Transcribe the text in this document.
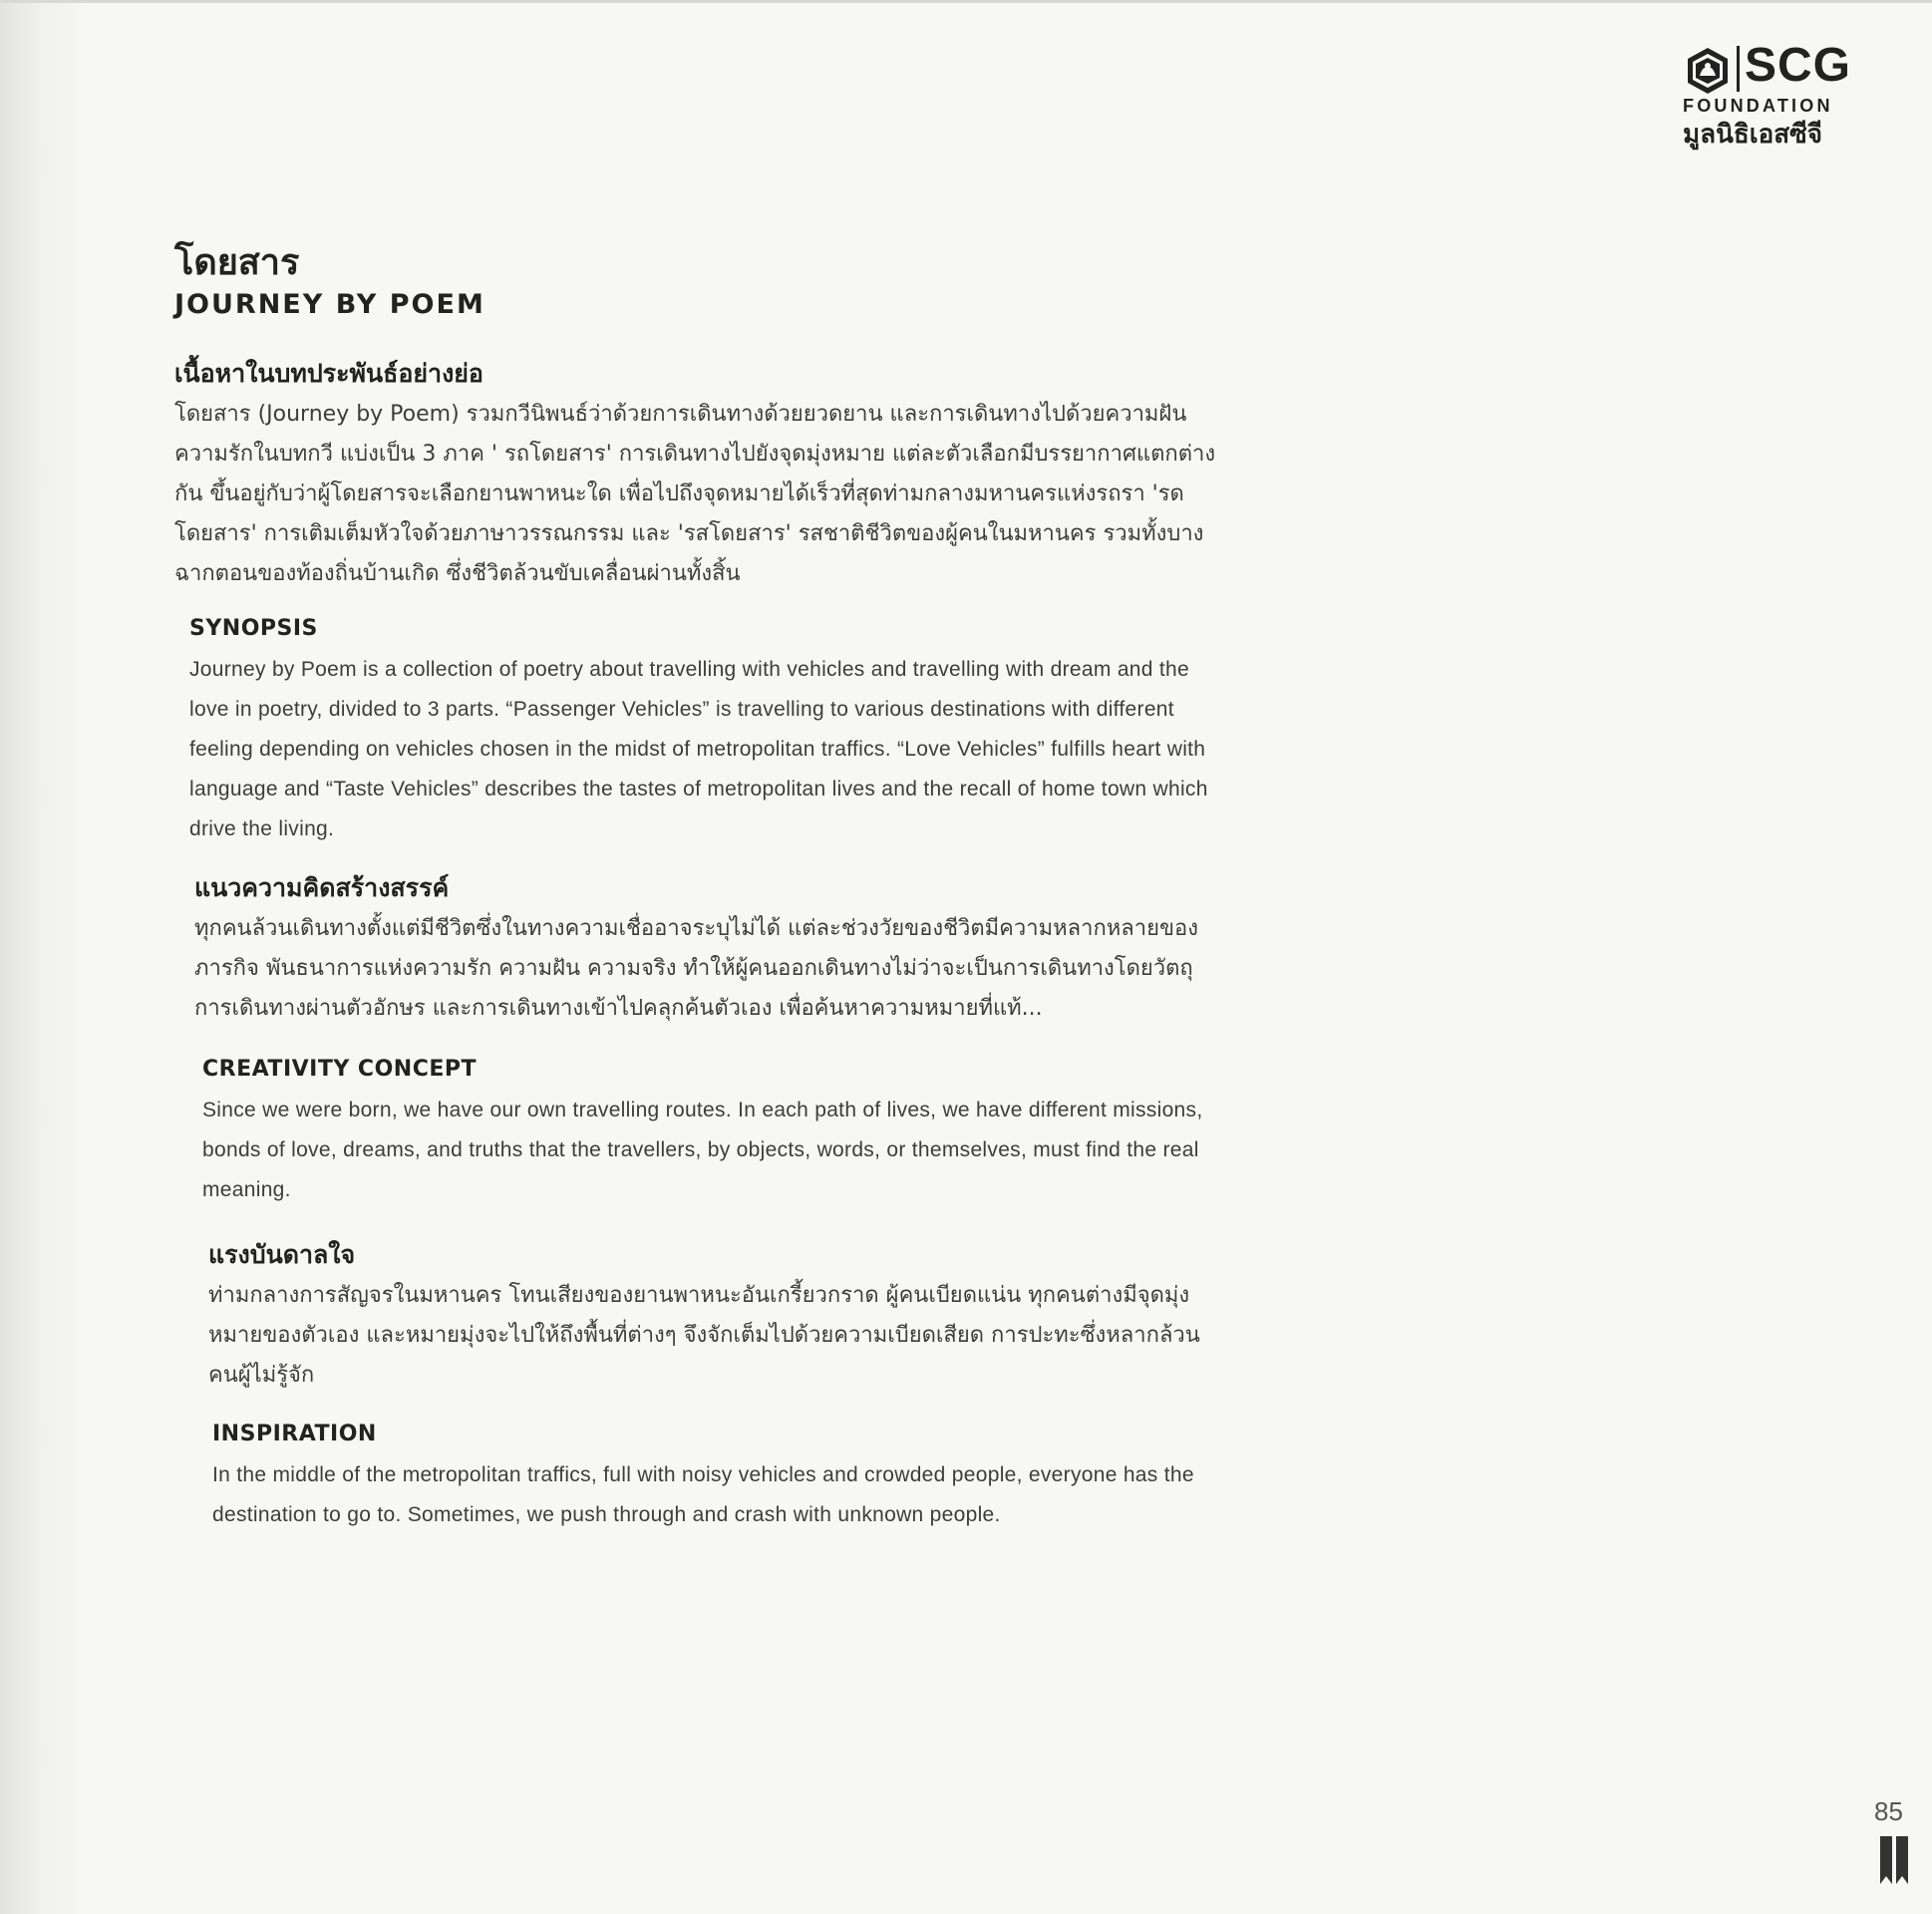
SCG
FOUNDATION
มูลนิธิเอสซีจี
โดยสาร
JOURNEY BY POEM
เนื้อหาในบทประพันธ์อย่างย่อ

โดยสาร (Journey by Poem) รวมกวีนิพนธ์ว่าด้วยการเดินทางด้วยยวดยาน และการเดินทางไปด้วยความฝัน ความรักในบทกวี แบ่งเป็น 3 ภาค ' รถโดยสาร' การเดินทางไปยังจุดมุ่งหมาย แต่ละตัวเลือกมีบรรยากาศแตกต่างกัน ขึ้นอยู่กับว่าผู้โดยสารจะเลือกยานพาหนะใด เพื่อไปถึงจุดหมายได้เร็วที่สุดท่ามกลางมหานครแห่งรถรา 'รดโดยสาร' การเติมเต็มหัวใจด้วยภาษาวรรณกรรม และ 'รสโดยสาร' รสชาติชีวิตของผู้คนในมหานคร รวมทั้งบางฉากตอนของท้องถิ่นบ้านเกิด ซึ่งชีวิตล้วนขับเคลื่อนผ่านทั้งสิ้น

SYNOPSIS

Journey by Poem is a collection of poetry about travelling with vehicles and travelling with dream and the love in poetry, divided to 3 parts. “Passenger Vehicles” is travelling to various destinations with different feeling depending on vehicles chosen in the midst of metropolitan traffics. “Love Vehicles” fulfills heart with language and “Taste Vehicles” describes the tastes of metropolitan lives and the recall of home town which drive the living.

แนวความคิดสร้างสรรค์

ทุกคนล้วนเดินทางตั้งแต่มีชีวิตซึ่งในทางความเชื่ออาจระบุไม่ได้ แต่ละช่วงวัยของชีวิตมีความหลากหลายของภารกิจ พันธนาการแห่งความรัก ความฝัน ความจริง ทำให้ผู้คนออกเดินทางไม่ว่าจะเป็นการเดินทางโดยวัตถุ การเดินทางผ่านตัวอักษร และการเดินทางเข้าไปคลุกค้นตัวเอง เพื่อค้นหาความหมายที่แท้...

CREATIVITY CONCEPT

Since we were born, we have our own travelling routes. In each path of lives, we have different missions, bonds of love, dreams, and truths that the travellers, by objects, words, or themselves, must find the real meaning.

แรงบันดาลใจ

ท่ามกลางการสัญจรในมหานคร โทนเสียงของยานพาหนะอันเกรี้ยวกราด ผู้คนเบียดแน่น ทุกคนต่างมีจุดมุ่งหมายของตัวเอง และหมายมุ่งจะไปให้ถึงพื้นที่ต่างๆ จึงจักเต็มไปด้วยความเบียดเสียด การปะทะซึ่งหลากล้วนคนผู้ไม่รู้จัก

INSPIRATION

In the middle of the metropolitan traffics, full with noisy vehicles and crowded people, everyone has the destination to go to. Sometimes, we push through and crash with unknown people.

85
